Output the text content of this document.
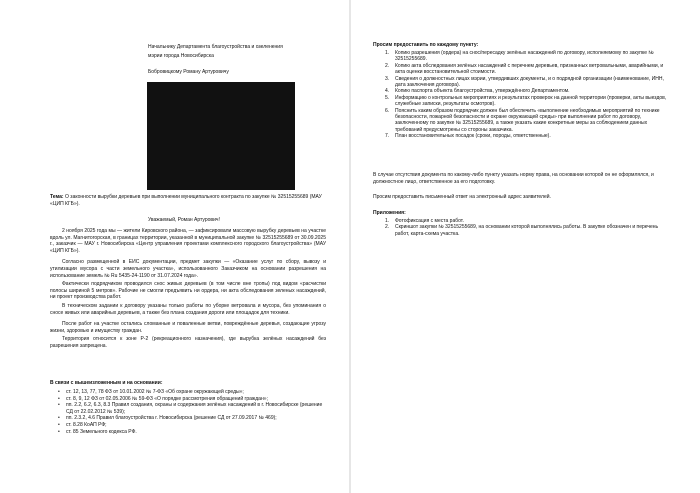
Начальнику Департамента благоустройства и озеленения
мэрии города Новосибирска
Бобровицкому Роману Артуровичу
Тема: О законности вырубки деревьев при выполнении муниципального контракта по закупке № 32515255689 (МАУ «ЦИП КГБ»).
Уважаемый, Роман Артурович!

2 ноября 2025 года мы — жители Кировского района, — зафиксировали массовую вырубку деревьев на участке вдоль ул. Магнитогорская, в границах территории, указанной в муниципальной закупке № 32515255689 от 30.09.2025 г., заказчик — МАУ г. Новосибирска «Центр управления проектами комплексного городского благоустройства» (МАУ «ЦИП КГБ»).

Согласно размещенной в ЕИС документации, предмет закупки — «Оказание услуг по сбору, вывозу и утилизации мусора с части земельного участка», использованного Заказчиком на основании разрешения на использование земель № Ru 5435-24-1190 от 31.07.2024 года».

Фактически подрядчиком проводился снос живых деревьев (в том числе вне тропы) под видом «расчистки полосы шириной 5 метров». Рабочие не смогли предъявить ни ордера, ни акта обследования зеленых насаждений, ни проект производства работ.

В техническом задании к договору указаны только работы по уборке ветровала и мусора, без упоминания о сносе живых или аварийных деревьев, а также без плана создания дороги или площадок для техники.

После работ на участке остались сломанные и поваленные ветви, повреждённые деревья, создающие угрозу жизни, здоровью и имуществу граждан.

Территория относится к зоне Р-2 (рекреационного назначения), где вырубка зелёных насаждений без разрешения запрещена.

В связи с вышеизложенным и на основании:
• ст. 12, 13, 77, 78 ФЗ от 10.01.2002 № 7-ФЗ «Об охране окружающей среды»;
• ст. 8, 9, 12 ФЗ от 02.05.2006 № 59-ФЗ «О порядке рассмотрения обращений граждан»;
• пп. 2.2, 6.2, 6.3, 8.3 Правил создания, охраны и содержания зелёных насаждений в г. Новосибирске (решение СД от 22.02.2012 № 539);
• пп. 2.3.2, 4.6 Правил благоустройства г. Новосибирска (решение СД от 27.09.2017 № 469);
• ст. 8.28 КоАП РФ;
• ст. 85 Земельного кодекса РФ.
Просим предоставить по каждому пункту:
1. Копию разрешения (ордера) на снос/пересадку зелёных насаждений по договору, исполняемому по закупке № 32515255689.
2. Копию акта обследования зелёных насаждений с перечнем деревьев, признанных ветровальными, аварийными, и акта оценки восстановительной стоимости.
3. Сведения о должностных лицах мэрии, утвердивших документы, и о подрядной организации (наименование, ИНН, дата заключения договора).
4. Копию паспорта объекта благоустройства, утверждённого Департаментом.
5. Информацию о контрольных мероприятиях и результатах проверок на данной территории (проверки, акты выездов, служебные записки, результаты осмотров).
6. Пояснить каким образом подрядчик должен был обеспечить «выполнение необходимых мероприятий по технике безопасности, пожарной безопасности и охране окружающей среды» при выполнении работ по договору, заключенному по закупке № 32515255689, а также указать какие конкретные меры за соблюдением данных требований предусмотрены со стороны заказчика.
7. План восстановительных посадок (сроки, породы, ответственные).

В случае отсутствия документа по какому-либо пункту указать норму права, на основании которой он не оформлялся, и должностное лицо, ответственное за его подготовку.

Просим предоставить письменный ответ на электронный адрес заявителей.

Приложения:
1. Фотофиксация с места работ.
2. Скриншот закупки № 32515255689, на основании которой выполнялись работы. В закупке обозначен и перечень работ, карта-схема участка.
